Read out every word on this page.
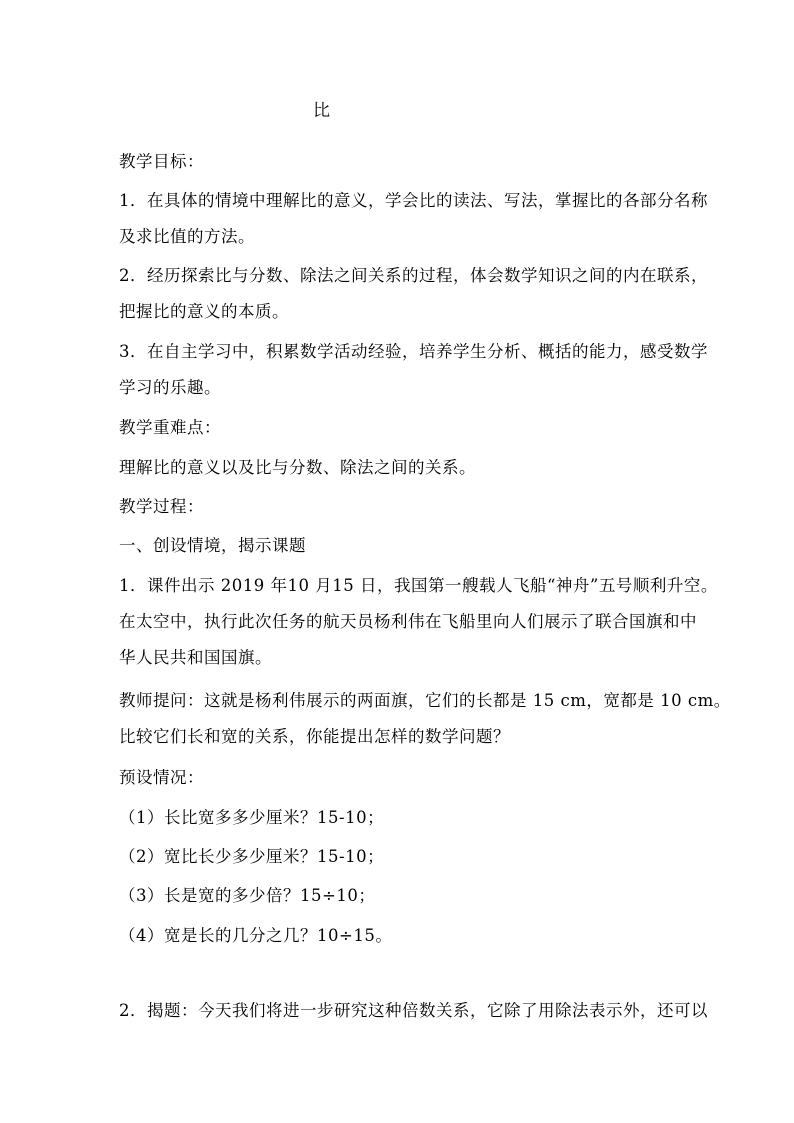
比
教学目标：
1．在具体的情境中理解比的意义，学会比的读法、写法，掌握比的各部分名称
及求比值的方法。
2．经历探索比与分数、除法之间关系的过程，体会数学知识之间的内在联系，
把握比的意义的本质。
3．在自主学习中，积累数学活动经验，培养学生分析、概括的能力，感受数学
学习的乐趣。
教学重难点：
理解比的意义以及比与分数、除法之间的关系。
教学过程：
一、创设情境，揭示课题
1．课件出示 2019 年10 月15 日，我国第一艘载人飞船“神舟”五号顺利升空。
在太空中，执行此次任务的航天员杨利伟在飞船里向人们展示了联合国旗和中
华人民共和国国旗。
教师提问：这就是杨利伟展示的两面旗，它们的长都是 15 cm，宽都是 10 cm。
比较它们长和宽的关系，你能提出怎样的数学问题？
预设情况：
（1）长比宽多多少厘米？15-10；
（2）宽比长少多少厘米？15-10；
（3）长是宽的多少倍？15÷10；
（4）宽是长的几分之几？10÷15。
2．揭题：今天我们将进一步研究这种倍数关系，它除了用除法表示外，还可以
